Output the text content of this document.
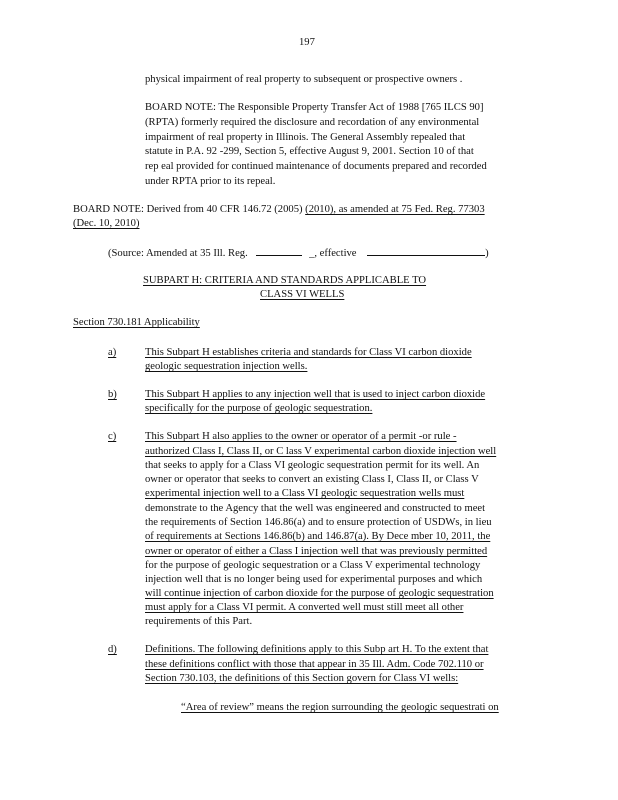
197
physical impairment of real property to subsequent or prospective owners .
BOARD NOTE: The Responsible Property Transfer Act of 1988 [765 ILCS 90]
(RPTA) formerly required the disclosure and recordation of any environmental
impairment of real property in Illinois. The General Assembly repealed that
statute in P.A. 92 -299, Section 5, effective August 9, 2001. Section 10 of that
rep eal provided for continued maintenance of documents prepared and recorded
under RPTA prior to its repeal.
BOARD NOTE: Derived from 40 CFR 146.72 (2005) (2010), as amended at 75 Fed. Reg. 77303
(Dec. 10, 2010)
(Source: Amended at 35 Ill. Reg.	_, effective	)
SUBPART H: CRITERIA AND STANDARDS APPLICABLE TO
CLASS VI WELLS
Section 730.181 Applicability
a)	This Subpart H establishes criteria and standards for Class VI carbon dioxide
geologic sequestration injection wells.
b)	This Subpart H applies to any injection well that is used to inject carbon dioxide
specifically for the purpose of geologic sequestration.
c)	This Subpart H also applies to the owner or operator of a permit -or rule -
authorized Class I, Class II, or C lass V experimental carbon dioxide injection well
that seeks to apply for a Class VI geologic sequestration permit for its well. An
owner or operator that seeks to convert an existing Class I, Class II, or Class V
experimental injection well to a Class VI geologic sequestration wells must
demonstrate to the Agency that the well was engineered and constructed to meet
the requirements of Section 146.86(a) and to ensure protection of USDWs, in lieu
of requirements at Sections 146.86(b) and 146.87(a). By Dece mber 10, 2011, the
owner or operator of either a Class I injection well that was previously permitted
for the purpose of geologic sequestration or a Class V experimental technology
injection well that is no longer being used for experimental purposes and which
will continue injection of carbon dioxide for the purpose of geologic sequestration
must apply for a Class VI permit. A converted well must still meet all other
requirements of this Part.
d)	Definitions. The following definitions apply to this Subp art H. To the extent that
these definitions conflict with those that appear in 35 Ill. Adm. Code 702.110 or
Section 730.103, the definitions of this Section govern for Class VI wells:
“Area of review” means the region surrounding the geologic sequestrati on
